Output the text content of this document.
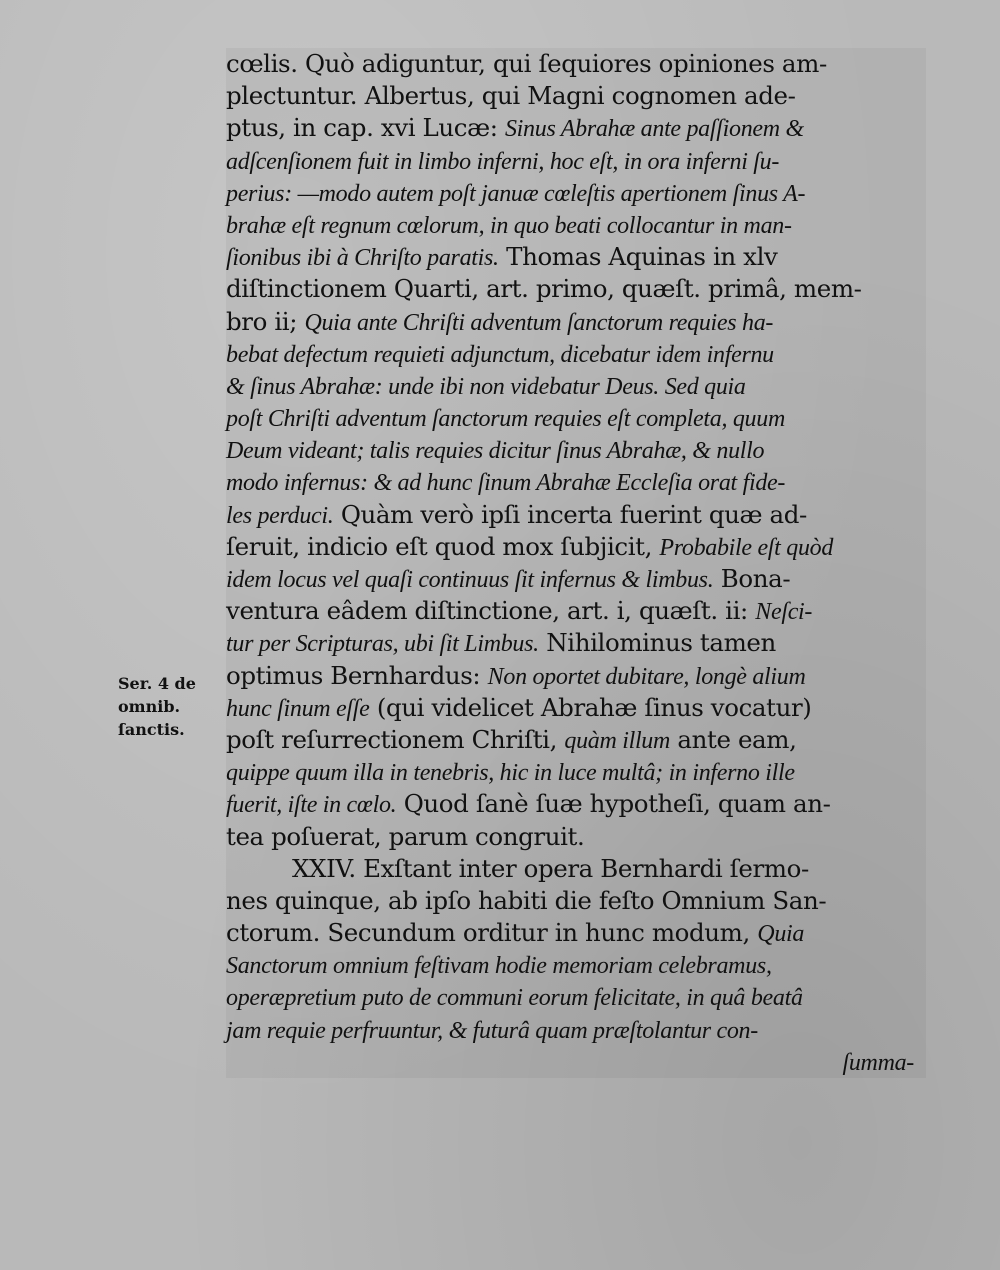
Ser. 4 de
omnib.
ſanctis.
cœlis. Quò adiguntur, qui ſequiores opiniones am-
plectuntur. Albertus, qui Magni cognomen ade-
ptus, in cap. xvi Lucæ: Sinus Abrahæ ante paſſionem &
adſcenſionem fuit in limbo inferni, hoc eſt, in ora inferni ſu-
perius: —modo autem poſt januæ cœleſtis apertionem ſinus A-
brahæ eſt regnum cœlorum, in quo beati collocantur in man-
ſionibus ibi à Chriſto paratis. Thomas Aquinas in xlv
diſtinctionem Quarti, art. primo, quæſt. primâ, mem-
bro ii; Quia ante Chriſti adventum ſanctorum requies ha-
bebat defectum requieti adjunctum, dicebatur idem infernu
& ſinus Abrahæ: unde ibi non videbatur Deus. Sed quia
poſt Chriſti adventum ſanctorum requies eſt completa, quum
Deum videant; talis requies dicitur ſinus Abrahæ, & nullo
modo infernus: & ad hunc ſinum Abrahæ Eccleſia orat fide-
les perduci. Quàm verò ipſi incerta fuerint quæ ad-
ſeruit, indicio eſt quod mox ſubjicit, Probabile eſt quòd
idem locus vel quaſi continuus ſit infernus & limbus. Bona-
ventura eâdem diſtinctione, art. i, quæſt. ii: Neſci-
tur per Scripturas, ubi ſit Limbus. Nihilominus tamen
optimus Bernhardus: Non oportet dubitare, longè alium
hunc ſinum eſſe (qui videlicet Abrahæ ſinus vocatur)
poſt reſurrectionem Chriſti, quàm illum ante eam,
quippe quum illa in tenebris, hic in luce multâ; in inferno ille
fuerit, iſte in cœlo. Quod ſanè ſuæ hypotheſi, quam an-
tea poſuerat, parum congruit.
XXIV. Exſtant inter opera Bernhardi ſermo-
nes quinque, ab ipſo habiti die feſto Omnium San-
ctorum. Secundum orditur in hunc modum, Quia
Sanctorum omnium feſtivam hodie memoriam celebramus,
operæpretium puto de communi eorum felicitate, in quâ beatâ
jam requie perfruuntur, & futurâ quam præſtolantur con-
ſumma-
